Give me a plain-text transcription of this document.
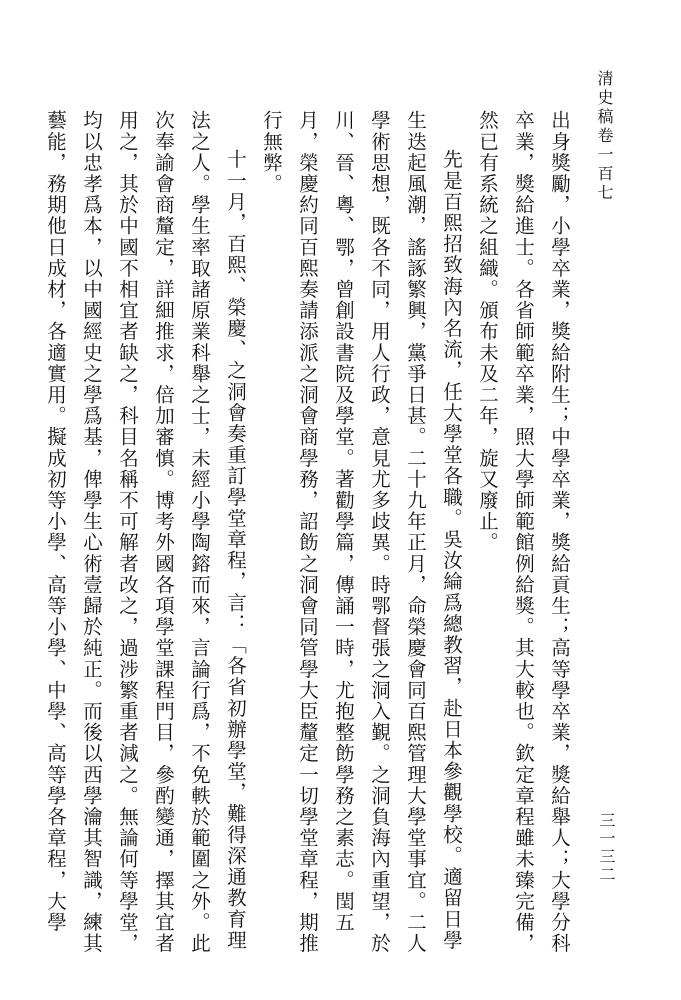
清史稿卷一百七
三一三二

出身獎勵，小學卒業，獎給附生；中學卒業，獎給貢生；高等學卒業，獎給舉人；大學分科卒業，獎給進士。各省師範卒業，照大學師範館例給獎。其大較也。欽定章程雖未臻完備，然已有系統之組織。頒布未及二年，旋又廢止。

先是百熙招致海內名流，任大學堂各職。吳汝綸爲總教習，赴日本參觀學校。適留日學生迭起風潮，謠諑繁興，黨爭日甚。二十九年正月，命榮慶會同百熙管理大學堂事宜。二人學術思想，既各不同，用人行政，意見尤多歧異。時鄂督張之洞入覲。之洞負海內重望，於川、晉、粵、鄂，曾創設書院及學堂。著勸學篇，傳誦一時，尤抱整飭學務之素志。閏五月，榮慶約同百熙奏請添派之洞會商學務，詔飭之洞會同管學大臣釐定一切學堂章程，期推行無弊。

十一月，百熙、榮慶、之洞會奏重訂學堂章程，言：「各省初辦學堂，難得深通教育理法之人。學生率取諸原業科舉之士，未經小學陶鎔而來，言論行爲，不免軼於範圍之外。此次奉諭會商釐定，詳細推求，倍加審慎。博考外國各項學堂課程門目，參酌變通，擇其宜者用之，其於中國不相宜者缺之，科目名稱不可解者改之，過涉繁重者減之。無論何等學堂，均以忠孝爲本，以中國經史之學爲基，俾學生心術壹歸於純正。而後以西學瀹其智識，練其藝能，務期他日成材，各適實用。擬成初等小學、高等小學、中學、高等學各章程，大學
